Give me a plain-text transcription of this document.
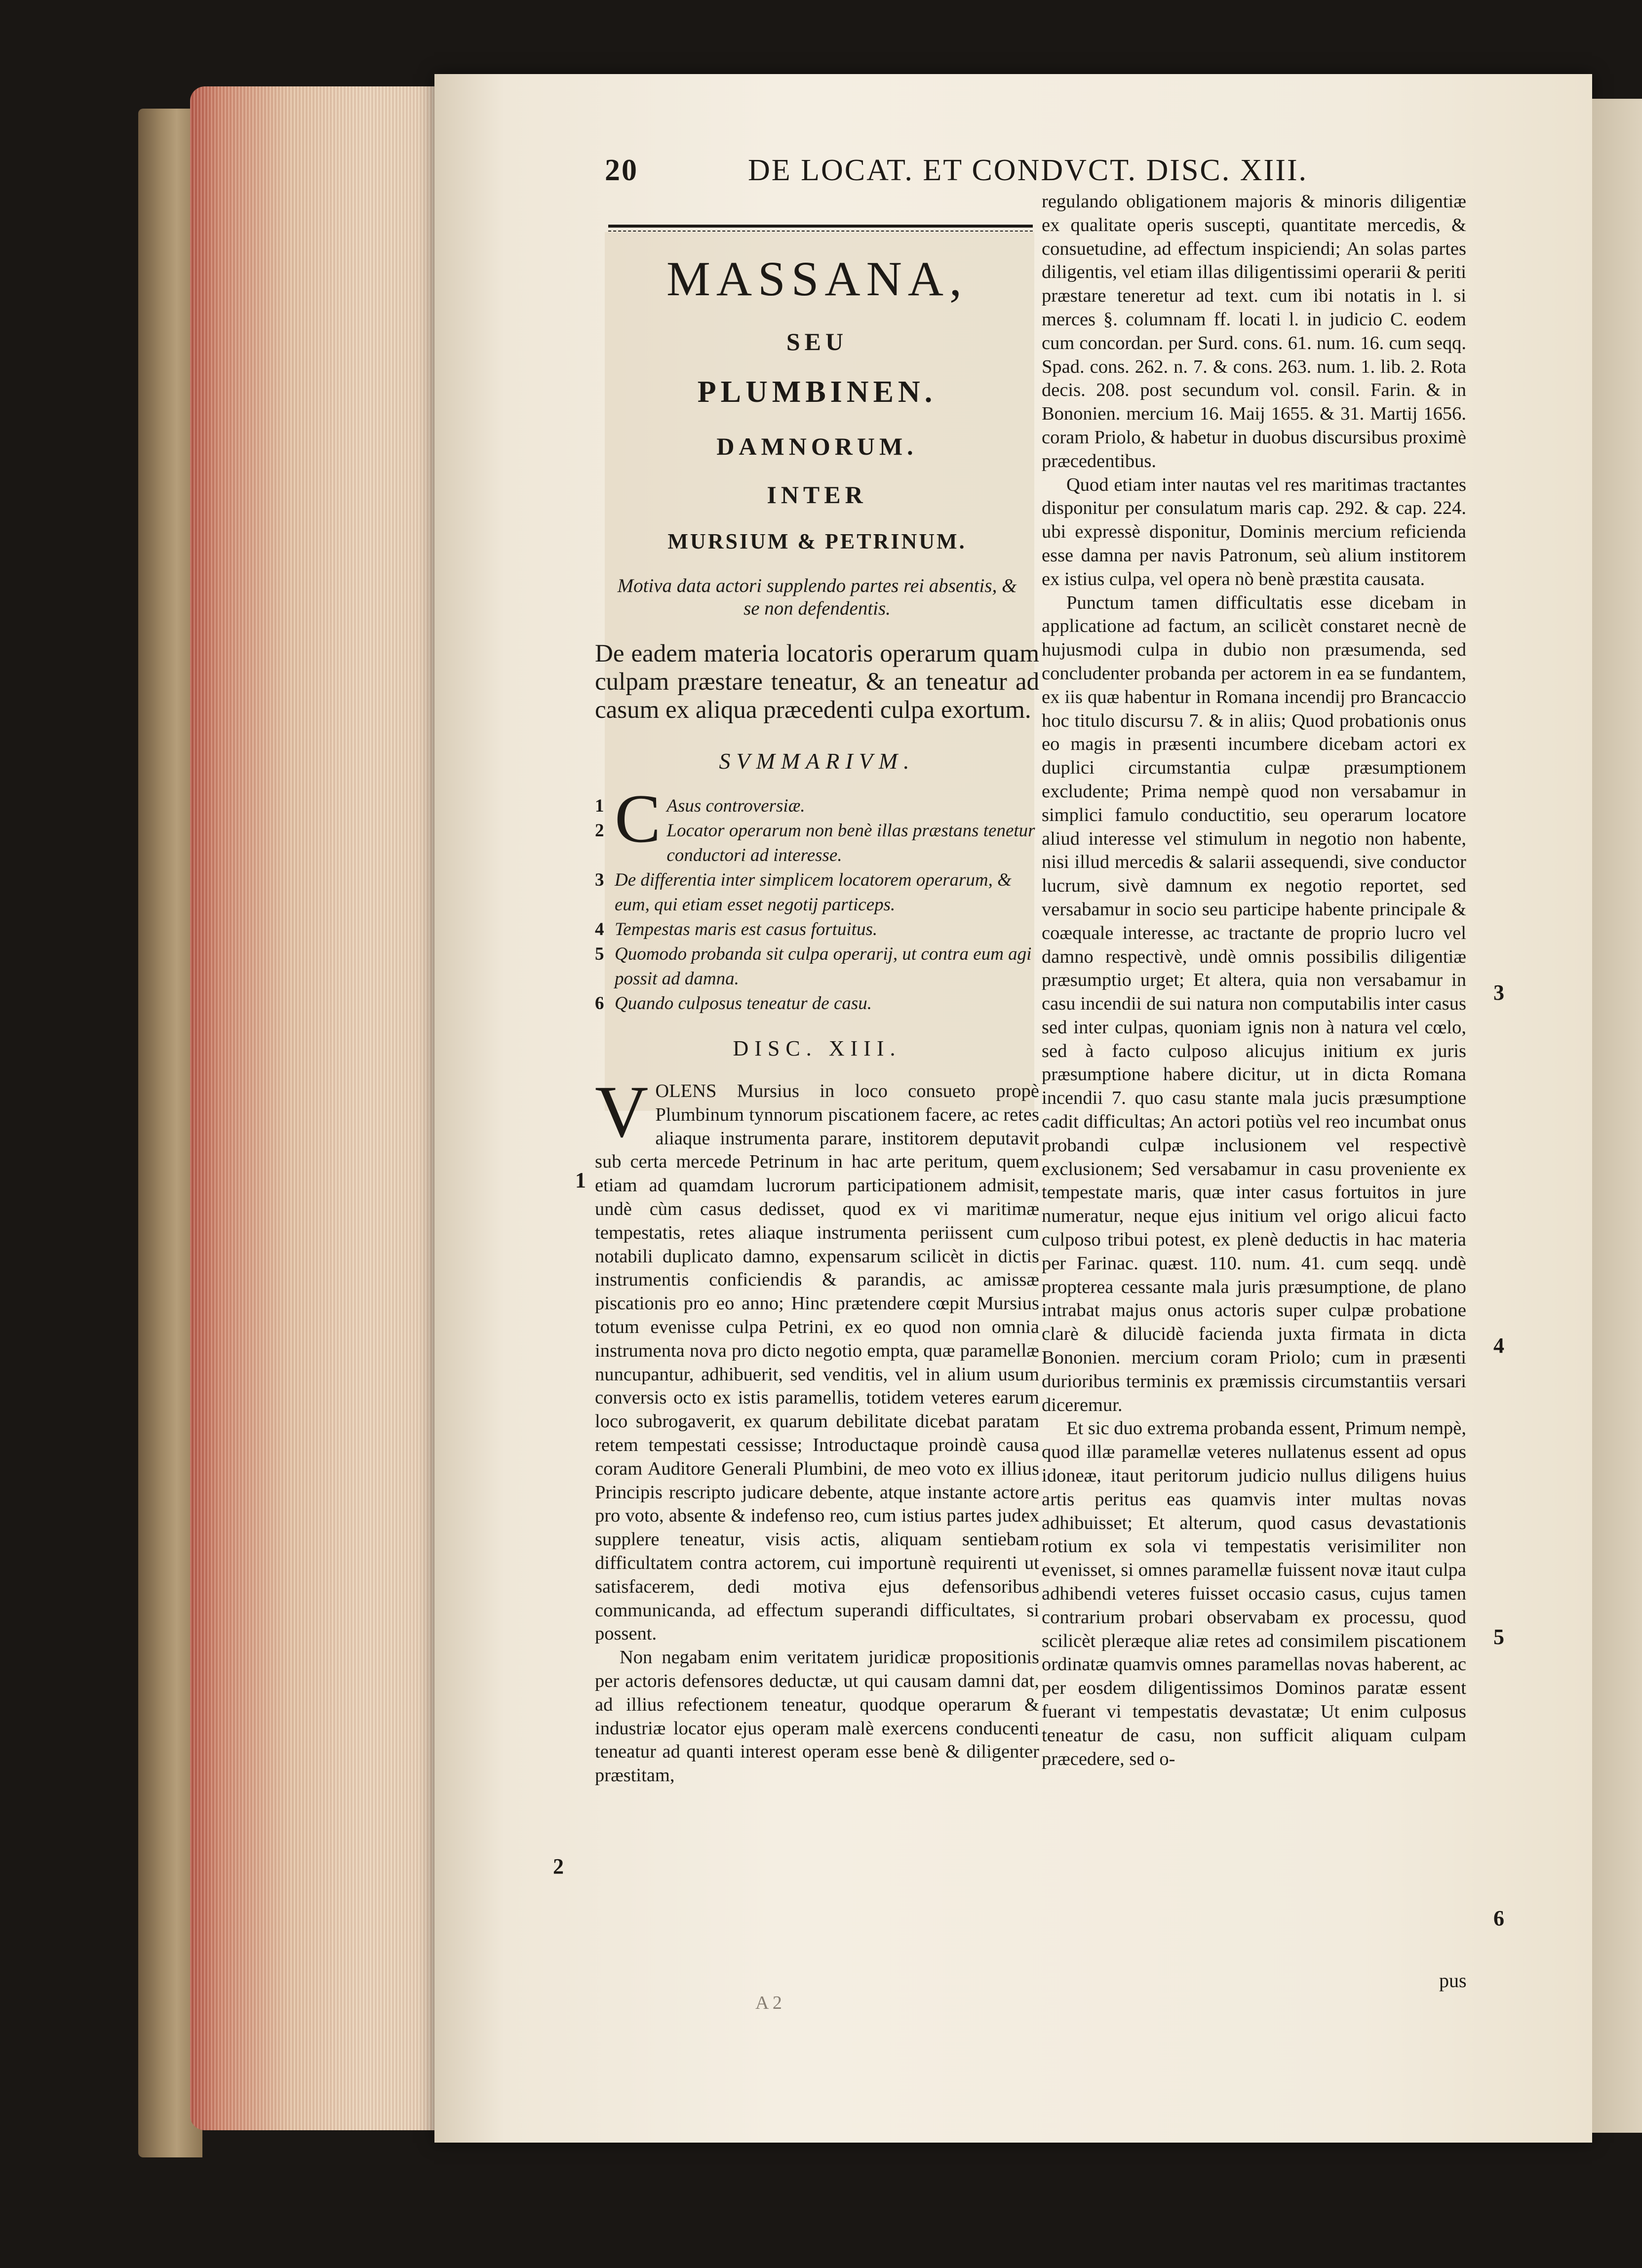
20	DE LOCAT. ET CONDVCT. DISC. XIII.

MASSANA,

SEU

PLUMBINEN.

DAMNORUM.

INTER

MURSIUM & PETRINUM.

Motiva data actori supplendo partes rei absentis, & se non defendentis.

De eadem materia locatoris operarum quam culpam præstare teneatur, & an teneatur ad casum ex aliqua præcedenti culpa exortum.

SVMMARIVM.

1 C Asus controversiæ.
2	Locator operarum non benè illas præstans tenetur conductori ad interesse.
3 De differentia inter simplicem locatorem operarum, & eum, qui etiam esset negotij particeps.
4 Tempestas maris est casus fortuitus.
5 Quomodo probanda sit culpa operarij, ut contra eum agi possit ad damna.
6 Quando culposus teneatur de casu.

DISC. XIII.

VOLENS Mursius in loco consueto propè Plumbinum tynnorum piscationem facere, ac retes aliaque instrumenta parare, institorem deputavit sub certa mercede Petrinum in hac arte peritum, quem etiam ad quamdam lucrorum participationem admisit, undè cùm casus dedisset, quod ex vi maritimæ tempestatis, retes aliaque instrumenta periissent cum notabili duplicato damno, expensarum scilicèt in dictis instrumentis conficiendis & parandis, ac amissæ piscationis pro eo anno; Hinc prætendere cœpit Mursius totum evenisse culpa Petrini, ex eo quod non omnia instrumenta nova pro dicto negotio empta, quæ paramellæ nuncupantur, adhibuerit, sed venditis, vel in alium usum conversis octo ex istis paramellis, totidem veteres earum loco subrogaverit, ex quarum debilitate dicebat paratam retem tempestati cessisse; Introductaque proindè causa coram Auditore Generali Plumbini, de meo voto ex illius Principis rescripto judicare debente, atque instante actore pro voto, absente & indefenso reo, cum istius partes judex supplere teneatur, visis actis, aliquam sentiebam difficultatem contra actorem, cui importunè requirenti ut satisfacerem, dedi motiva ejus defensoribus communicanda, ad effectum superandi difficultates, si possent.

Non negabam enim veritatem juridicæ propositionis per actoris defensores deductæ, ut qui causam damni dat, ad illius refectionem teneatur, quodque operarum & industriæ locator ejus operam malè exercens conducenti teneatur ad quanti interest operam esse benè & diligenter præstitam,

regulando obligationem majoris & minoris diligentiæ ex qualitate operis suscepti, quantitate mercedis, & consuetudine, ad effectum inspiciendi; An solas partes diligentis, vel etiam illas diligentissimi operarii & periti præstare teneretur ad text. cum ibi notatis in l. si merces §. columnam ff. locati l. in judicio C. eodem cum concordan. per Surd. cons. 61. num. 16. cum seqq. Spad. cons. 262. n. 7. & cons. 263. num. 1. lib. 2. Rota decis. 208. post secundum vol. consil. Farin. & in Bononien. mercium 16. Maij 1655. & 31. Martij 1656. coram Priolo, & habetur in duobus discursibus proximè præcedentibus.

Quod etiam inter nautas vel res maritimas tractantes disponitur per consulatum maris cap. 292. & cap. 224. ubi expressè disponitur, Dominis mercium reficienda esse damna per navis Patronum, seù alium institorem ex istius culpa, vel opera nò benè præstita causata.

Punctum tamen difficultatis esse dicebam in applicatione ad factum, an scilicèt constaret necnè de hujusmodi culpa in dubio non præsumenda, sed concludenter probanda per actorem in ea se fundantem, ex iis quæ habentur in Romana incendij pro Brancaccio hoc titulo discursu 7. & in aliis; Quod probationis onus eo magis in præsenti incumbere dicebam actori ex duplici circumstantia culpæ præsumptionem excludente; Prima nempè quod non versabamur in simplici famulo conductitio, seu operarum locatore aliud interesse vel stimulum in negotio non habente, nisi illud mercedis & salarii assequendi, sive conductor lucrum, sivè damnum ex negotio reportet, sed versabamur in socio seu participe habente principale & coæquale interesse, ac tractante de proprio lucro vel damno respectivè, undè omnis possibilis diligentiæ præsumptio urget; Et altera, quia non versabamur in casu incendii de sui natura non computabilis inter casus sed inter culpas, quoniam ignis non à natura vel cœlo, sed à facto culposo alicujus initium ex juris præsumptione habere dicitur, ut in dicta Romana incendii 7. quo casu stante mala jucis præsumptione cadit difficultas; An actori potiùs vel reo incumbat onus probandi culpæ inclusionem vel respectivè exclusionem; Sed versabamur in casu proveniente ex tempestate maris, quæ inter casus fortuitos in jure numeratur, neque ejus initium vel origo alicui facto culposo tribui potest, ex plenè deductis in hac materia per Farinac. quæst. 110. num. 41. cum seqq. undè propterea cessante mala juris præsumptione, de plano intrabat majus onus actoris super culpæ probatione clarè & dilucidè facienda juxta firmata in dicta Bononien. mercium coram Priolo; cum in præsenti durioribus terminis ex præmissis circumstantiis versari diceremur.

Et sic duo extrema probanda essent, Primum nempè, quod illæ paramellæ veteres nullatenus essent ad opus idoneæ, itaut peritorum judicio nullus diligens huius artis peritus eas quamvis inter multas novas adhibuisset; Et alterum, quod casus devastationis rotium ex sola vi tempestatis verisimiliter non evenisset, si omnes paramellæ fuissent novæ itaut culpa adhibendi veteres fuisset occasio casus, cujus tamen contrarium probari observabam ex processu, quod scilicèt pleræque aliæ retes ad consimilem piscationem ordinatæ quamvis omnes paramellas novas haberent, ac per eosdem diligentissimos Dominos paratæ essent fuerant vi tempestatis devastatæ; Ut enim culposus teneatur de casu, non sufficit aliquam culpam præcedere, sed o-

1
2
3
4
5
6
pus
A 2
